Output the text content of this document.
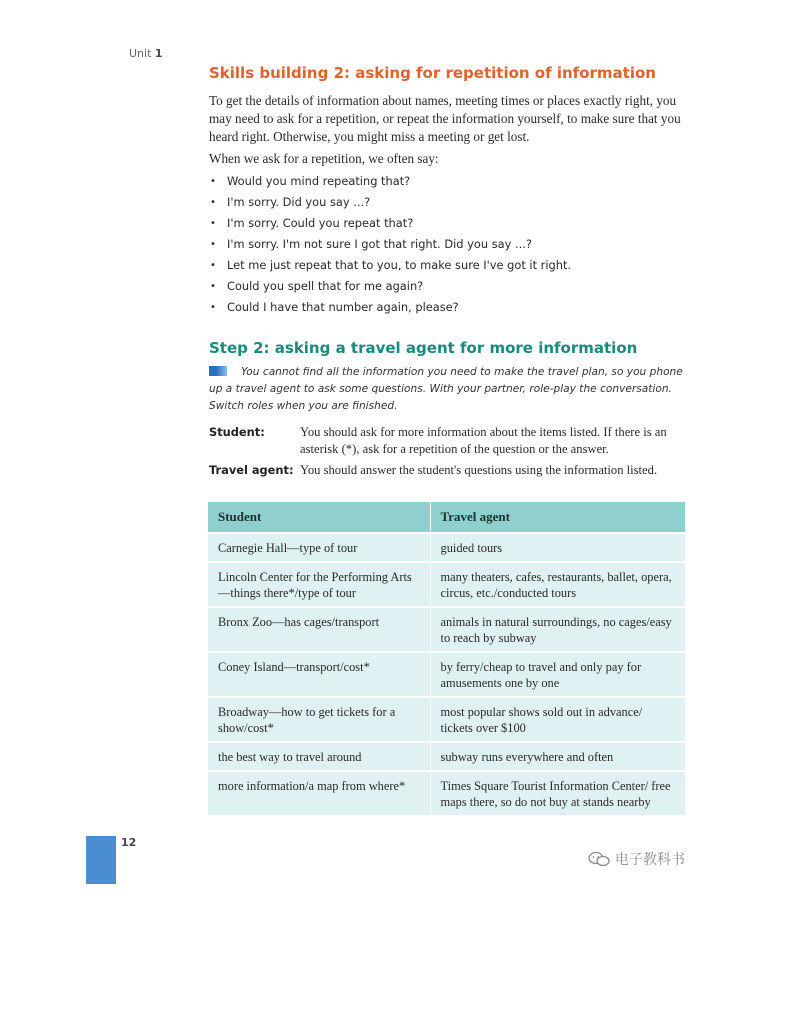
Unit 1
Skills building 2: asking for repetition of information

To get the details of information about names, meeting times or places exactly right, you may need to ask for a repetition, or repeat the information yourself, to make sure that you heard right. Otherwise, you might miss a meeting or get lost.

When we ask for a repetition, we often say:

• Would you mind repeating that?
• I'm sorry. Did you say ...?
• I'm sorry. Could you repeat that?
• I'm sorry. I'm not sure I got that right. Did you say ...?
• Let me just repeat that to you, to make sure I've got it right.
• Could you spell that for me again?
• Could I have that number again, please?
Step 2: asking a travel agent for more information

You cannot find all the information you need to make the travel plan, so you phone up a travel agent to ask some questions. With your partner, role-play the conversation. Switch roles when you are finished.

Student:	You should ask for more information about the items listed. If there is an asterisk (*), ask for a repetition of the question or the answer.
Travel agent: You should answer the student's questions using the information listed.
Student	Travel agent
Carnegie Hall—type of tour	guided tours
Lincoln Center for the Performing Arts—things there*/type of tour	many theaters, cafes, restaurants, ballet, opera, circus, etc./conducted tours
Bronx Zoo—has cages/transport	animals in natural surroundings, no cages/easy to reach by subway
Coney Island—transport/cost*	by ferry/cheap to travel and only pay for amusements one by one
Broadway—how to get tickets for a show/cost*	most popular shows sold out in advance/ tickets over $100
the best way to travel around	subway runs everywhere and often
more information/a map from where*	Times Square Tourist Information Center/ free maps there, so do not buy at stands nearby
12
电子教科书
